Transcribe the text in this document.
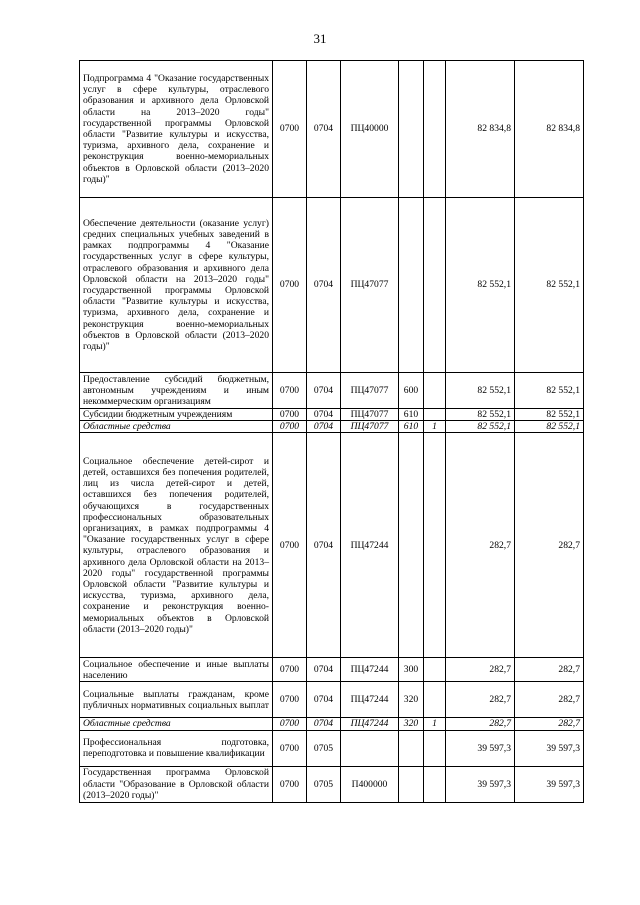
31
Подпрограмма 4 "Оказание государственных услуг в сфере культуры, отраслевого образования и архивного дела Орловской области на 2013–2020 годы" государственной программы Орловской области "Развитие культуры и искусства, туризма, архивного дела, сохранение и реконструкция военно-мемориальных объектов в Орловской области (2013–2020 годы)"	0700	0704	ПЦ40000			82 834,8	82 834,8
Обеспечение деятельности (оказание услуг) средних специальных учебных заведений в рамках подпрограммы 4 "Оказание государственных услуг в сфере культуры, отраслевого образования и архивного дела Орловской области на 2013–2020 годы" государственной программы Орловской области "Развитие культуры и искусства, туризма, архивного дела, сохранение и реконструкция военно-мемориальных объектов в Орловской области (2013–2020 годы)"	0700	0704	ПЦ47077			82 552,1	82 552,1
Предоставление субсидий бюджетным, автономным учреждениям и иным некоммерческим организациям	0700	0704	ПЦ47077	600		82 552,1	82 552,1
Субсидии бюджетным учреждениям	0700	0704	ПЦ47077	610		82 552,1	82 552,1
Областные средства	0700	0704	ПЦ47077	610	1	82 552,1	82 552,1
Социальное обеспечение детей-сирот и детей, оставшихся без попечения родителей, лиц из числа детей-сирот и детей, оставшихся без попечения родителей, обучающихся в государственных профессиональных образовательных организациях, в рамках подпрограммы 4 "Оказание государственных услуг в сфере культуры, отраслевого образования и архивного дела Орловской области на 2013–2020 годы" государственной программы Орловской области "Развитие культуры и искусства, туризма, архивного дела, сохранение и реконструкция военно-мемориальных объектов в Орловской области (2013–2020 годы)"	0700	0704	ПЦ47244			282,7	282,7
Социальное обеспечение и иные выплаты населению	0700	0704	ПЦ47244	300		282,7	282,7
Социальные выплаты гражданам, кроме публичных нормативных социальных выплат	0700	0704	ПЦ47244	320		282,7	282,7
Областные средства	0700	0704	ПЦ47244	320	1	282,7	282,7
Профессиональная подготовка, переподготовка и повышение квалификации	0700	0705				39 597,3	39 597,3
Государственная программа Орловской области "Образование в Орловской области (2013–2020 годы)"	0700	0705	П400000			39 597,3	39 597,3
